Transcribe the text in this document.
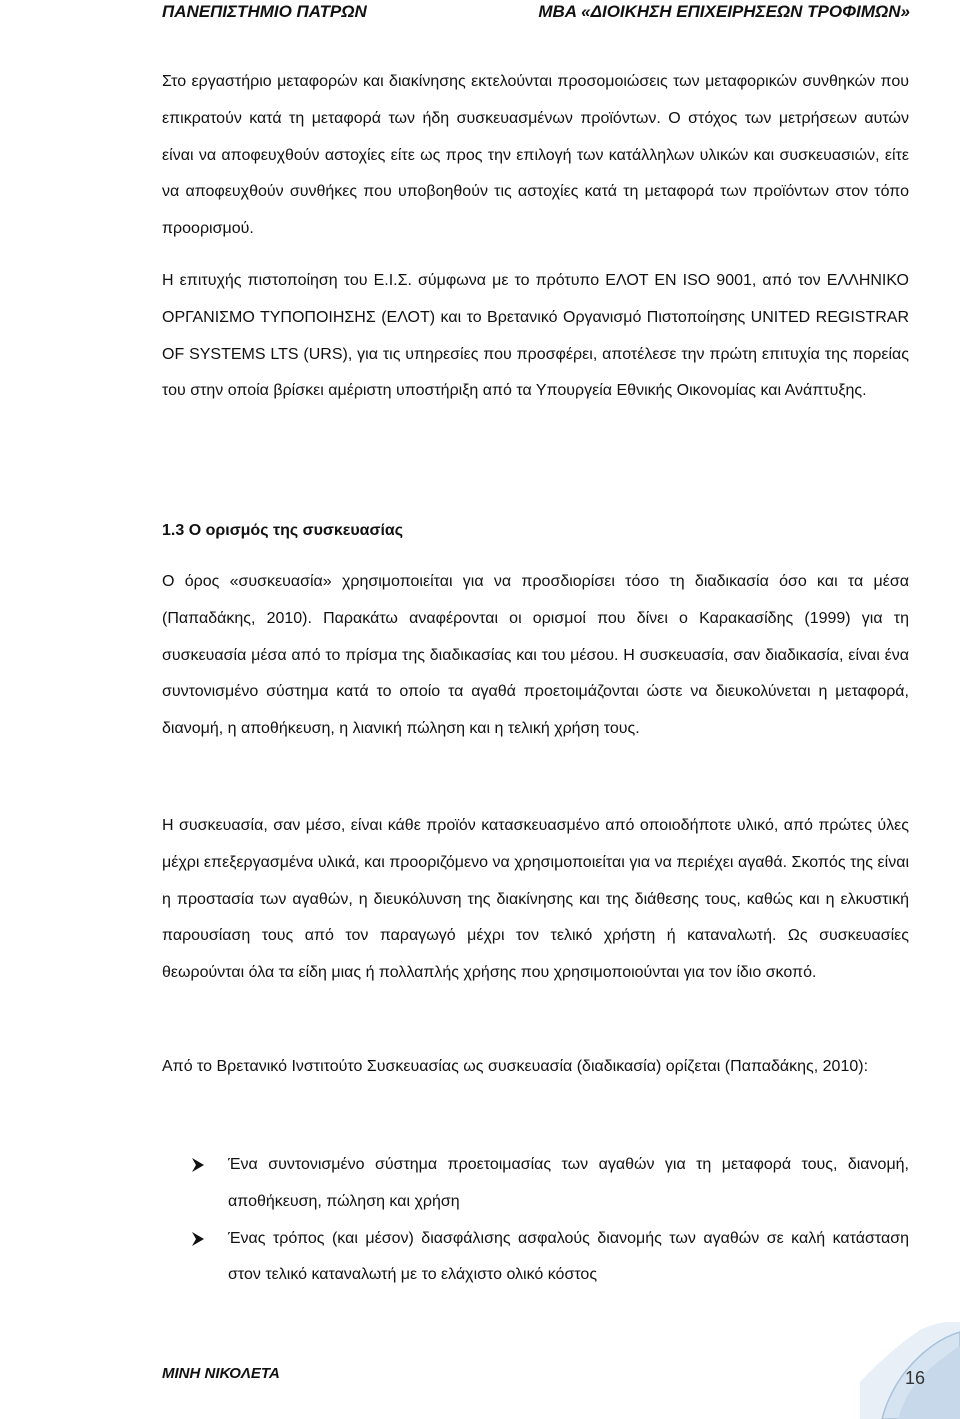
ΠΑΝΕΠΙΣΤΗΜΙΟ ΠΑΤΡΩΝ	ΜΒΑ «ΔΙΟΙΚΗΣΗ ΕΠΙΧΕΙΡΗΣΕΩΝ ΤΡΟΦΙΜΩΝ»

Στο εργαστήριο μεταφορών και διακίνησης εκτελούνται προσομοιώσεις των μεταφορικών συνθηκών που επικρατούν κατά τη μεταφορά των ήδη συσκευασμένων προϊόντων. Ο στόχος των μετρήσεων αυτών είναι να αποφευχθούν αστοχίες είτε ως προς την επιλογή των κατάλληλων υλικών και συσκευασιών, είτε να αποφευχθούν συνθήκες που υποβοηθούν τις αστοχίες κατά τη μεταφορά των προϊόντων στον τόπο προορισμού.

Η επιτυχής πιστοποίηση του Ε.Ι.Σ. σύμφωνα με το πρότυπο ΕΛΟΤ ΕΝ ISO 9001, από τον ΕΛΛΗΝΙΚΟ ΟΡΓΑΝΙΣΜΟ ΤΥΠΟΠΟΙΗΣΗΣ (ΕΛΟΤ) και το Βρετανικό Οργανισμό Πιστοποίησης UNITED REGISTRAR OF SYSTEMS LTS (URS), για τις υπηρεσίες που προσφέρει, αποτέλεσε την πρώτη επιτυχία της πορείας του στην οποία βρίσκει αμέριστη υποστήριξη από τα Υπουργεία Εθνικής Οικονομίας και Ανάπτυξης.

1.3 Ο ορισμός της συσκευασίας

Ο όρος «συσκευασία» χρησιμοποιείται για να προσδιορίσει τόσο τη διαδικασία όσο και τα μέσα (Παπαδάκης, 2010). Παρακάτω αναφέρονται οι ορισμοί που δίνει ο Καρακασίδης (1999) για τη συσκευασία μέσα από το πρίσμα της διαδικασίας και του μέσου. Η συσκευασία, σαν διαδικασία, είναι ένα συντονισμένο σύστημα κατά το οποίο τα αγαθά προετοιμάζονται ώστε να διευκολύνεται η μεταφορά, διανομή, η αποθήκευση, η λιανική πώληση και η τελική χρήση τους.

Η συσκευασία, σαν μέσο, είναι κάθε προϊόν κατασκευασμένο από οποιοδήποτε υλικό, από πρώτες ύλες μέχρι επεξεργασμένα υλικά, και προοριζόμενο να χρησιμοποιείται για να περιέχει αγαθά. Σκοπός της είναι η προστασία των αγαθών, η διευκόλυνση της διακίνησης και της διάθεσης τους, καθώς και η ελκυστική παρουσίαση τους από τον παραγωγό μέχρι τον τελικό χρήστη ή καταναλωτή. Ως συσκευασίες θεωρούνται όλα τα είδη μιας ή πολλαπλής χρήσης που χρησιμοποιούνται για τον ίδιο σκοπό.

Από το Βρετανικό Ινστιτούτο Συσκευασίας ως συσκευασία (διαδικασία) ορίζεται (Παπαδάκης, 2010):

Ένα συντονισμένο σύστημα προετοιμασίας των αγαθών για τη μεταφορά τους, διανομή, αποθήκευση, πώληση και χρήση
Ένας τρόπος (και μέσον) διασφάλισης ασφαλούς διανομής των αγαθών σε καλή κατάσταση στον τελικό καταναλωτή με το ελάχιστο ολικό κόστος
ΜΙΝΗ ΝΙΚΟΛΕΤΑ	16
